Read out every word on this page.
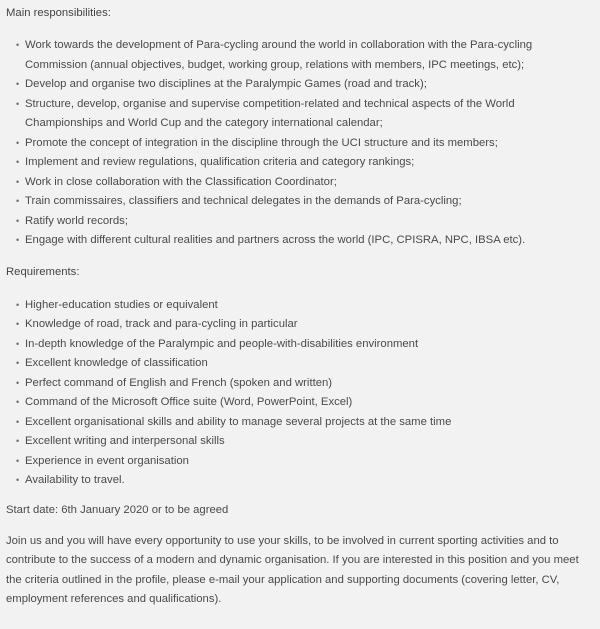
Main responsibilities:

• Work towards the development of Para-cycling around the world in collaboration with the Para-cycling Commission (annual objectives, budget, working group, relations with members, IPC meetings, etc);
• Develop and organise two disciplines at the Paralympic Games (road and track);
• Structure, develop, organise and supervise competition-related and technical aspects of the World Championships and World Cup and the category international calendar;
• Promote the concept of integration in the discipline through the UCI structure and its members;
• Implement and review regulations, qualification criteria and category rankings;
• Work in close collaboration with the Classification Coordinator;
• Train commissaires, classifiers and technical delegates in the demands of Para-cycling;
• Ratify world records;
• Engage with different cultural realities and partners across the world (IPC, CPISRA, NPC, IBSA etc).

Requirements:

• Higher-education studies or equivalent
• Knowledge of road, track and para-cycling in particular
• In-depth knowledge of the Paralympic and people-with-disabilities environment
• Excellent knowledge of classification
• Perfect command of English and French (spoken and written)
• Command of the Microsoft Office suite (Word, PowerPoint, Excel)
• Excellent organisational skills and ability to manage several projects at the same time
• Excellent writing and interpersonal skills
• Experience in event organisation
• Availability to travel.

Start date: 6th January 2020 or to be agreed

Join us and you will have every opportunity to use your skills, to be involved in current sporting activities and to contribute to the success of a modern and dynamic organisation. If you are interested in this position and you meet the criteria outlined in the profile, please e-mail your application and supporting documents (covering letter, CV, employment references and qualifications).
